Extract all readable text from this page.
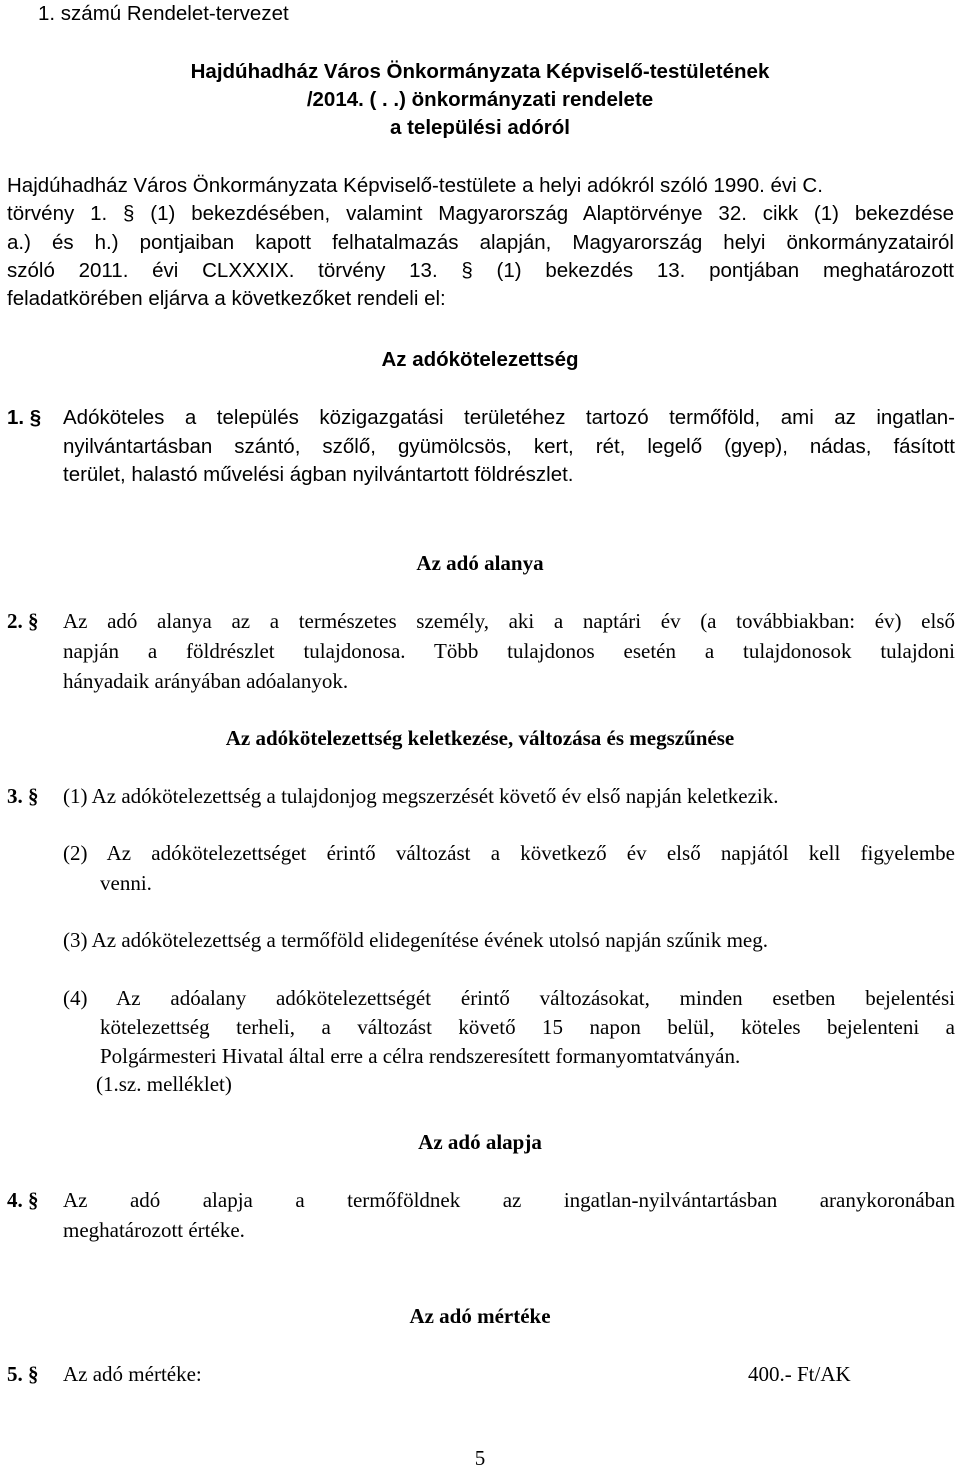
1. számú Rendelet-tervezet

Hajdúhadház Város Önkormányzata Képviselő-testületének

/2014. ( . .) önkormányzati rendelete

a települési adóról

Hajdúhadház Város Önkormányzata Képviselő-testülete a helyi adókról szóló 1990. évi C.

törvény 1. § (1) bekezdésében, valamint Magyarország Alaptörvénye 32. cikk (1) bekezdése

a.) és h.) pontjaiban kapott felhatalmazás alapján, Magyarország helyi önkormányzatairól

szóló 2011. évi CLXXXIX. törvény 13. § (1) bekezdés 13. pontjában meghatározott

feladatkörében eljárva a következőket rendeli el:

Az adókötelezettség

1. § Adóköteles a település közigazgatási területéhez tartozó termőföld, ami az ingatlan-

nyilvántartásban szántó, szőlő, gyümölcsös, kert, rét, legelő (gyep), nádas, fásított

terület, halastó művelési ágban nyilvántartott földrészlet.

Az adó alanya

2. § Az adó alanya az a természetes személy, aki a naptári év (a továbbiakban: év) első

napján a földrészlet tulajdonosa. Több tulajdonos esetén a tulajdonosok tulajdoni

hányadaik arányában adóalanyok.

Az adókötelezettség keletkezése, változása és megszűnése

3. § (1) Az adókötelezettség a tulajdonjog megszerzését követő év első napján keletkezik.

(2) Az adókötelezettséget érintő változást a következő év első napjától kell figyelembe

venni.

(3) Az adókötelezettség a termőföld elidegenítése évének utolsó napján szűnik meg.

(4) Az adóalany adókötelezettségét érintő változásokat, minden esetben bejelentési

kötelezettség terheli, a változást követő 15 napon belül, köteles bejelenteni a

Polgármesteri Hivatal által erre a célra rendszeresített formanyomtatványán.

(1.sz. melléklet)

Az adó alapja

4. § Az adó alapja a termőföldnek az ingatlan-nyilvántartásban aranykoronában

meghatározott értéke.

Az adó mértéke

5. § Az adó mértéke:	400.- Ft/AK

5
